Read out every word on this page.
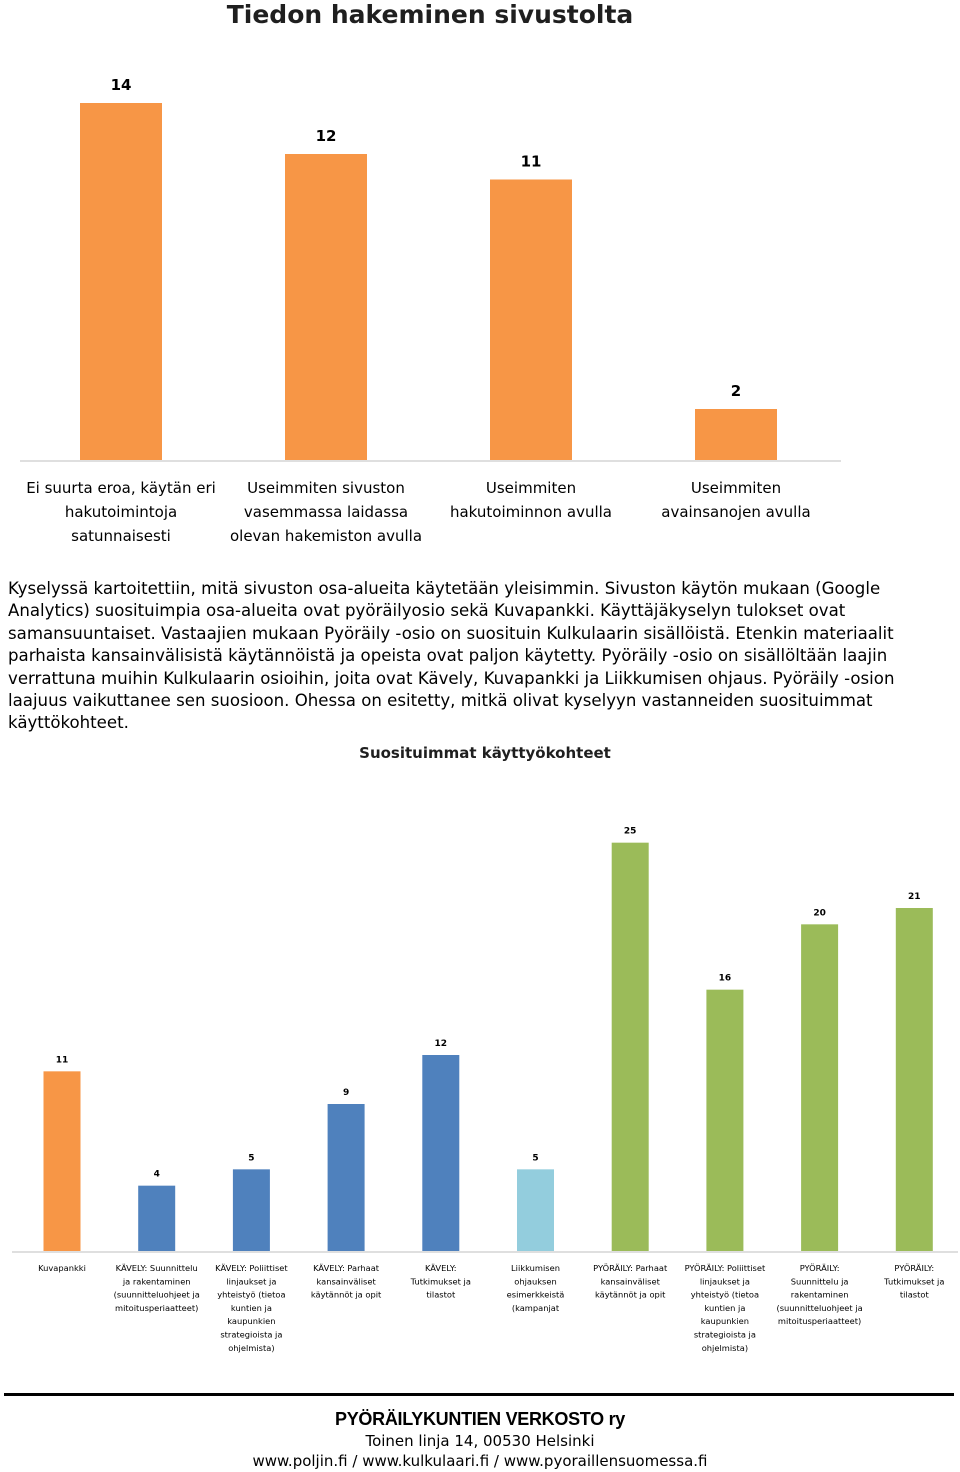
Tiedon hakeminen sivustolta
14
12
11
2
Ei suurta eroa, käytän eri
hakutoimintoja
satunnaisesti
Useimmiten sivuston
vasemmassa laidassa
olevan hakemiston avulla
Useimmiten
hakutoiminnon avulla
Useimmiten
avainsanojen avulla

Kyselyssä kartoitettiin, mitä sivuston osa-alueita käytetään yleisimmin. Sivuston käytön mukaan (Google Analytics) suosituimpia osa-alueita ovat pyöräilyosio sekä Kuvapankki. Käyttäjäkyselyn tulokset ovat samansuuntaiset. Vastaajien mukaan Pyöräily -osio on suosituin Kulkulaarin sisällöistä. Etenkin materiaalit parhaista kansainvälisistä käytännöistä ja opeista ovat paljon käytetty. Pyöräily -osio on sisällöltään laajin verrattuna muihin Kulkulaarin osioihin, joita ovat Kävely, Kuvapankki ja Liikkumisen ohjaus. Pyöräily -osion laajuus vaikuttanee sen suosioon. Ohessa on esitetty, mitkä olivat kyselyyn vastanneiden suosituimmat käyttökohteet.

Suosituimmat käyttyökohteet
11
4
5
9
12
5
25
16
20
21
Kuvapankki	KÄVELY: Suunnittelu
ja rakentaminen
(suunnitteluohjeet ja
mitoitusperiaatteet)
KÄVELY: Poliittiset
linjaukset ja
yhteistyö (tietoa
kuntien ja
kaupunkien
strategioista ja
ohjelmista)
KÄVELY: Parhaat
kansainväliset
käytännöt ja opit
KÄVELY:
Tutkimukset ja
tilastot
Liikkumisen
ohjauksen
esimerkkeistä
(kampanjat
PYÖRÄILY: Parhaat
kansainväliset
käytännöt ja opit
PYÖRÄILY: Poliittiset
linjaukset ja
yhteistyö (tietoa
kuntien ja
kaupunkien
strategioista ja
ohjelmista)
PYÖRÄILY:
Suunnittelu ja
rakentaminen
(suunnitteluohjeet ja
mitoitusperiaatteet)
PYÖRÄILY:
Tutkimukset ja
tilastot
PYÖRÄILYKUNTIEN VERKOSTO ry
Toinen linja 14, 00530 Helsinki
www.poljin.fi / www.kulkulaari.fi / www.pyoraillensuomessa.fi
